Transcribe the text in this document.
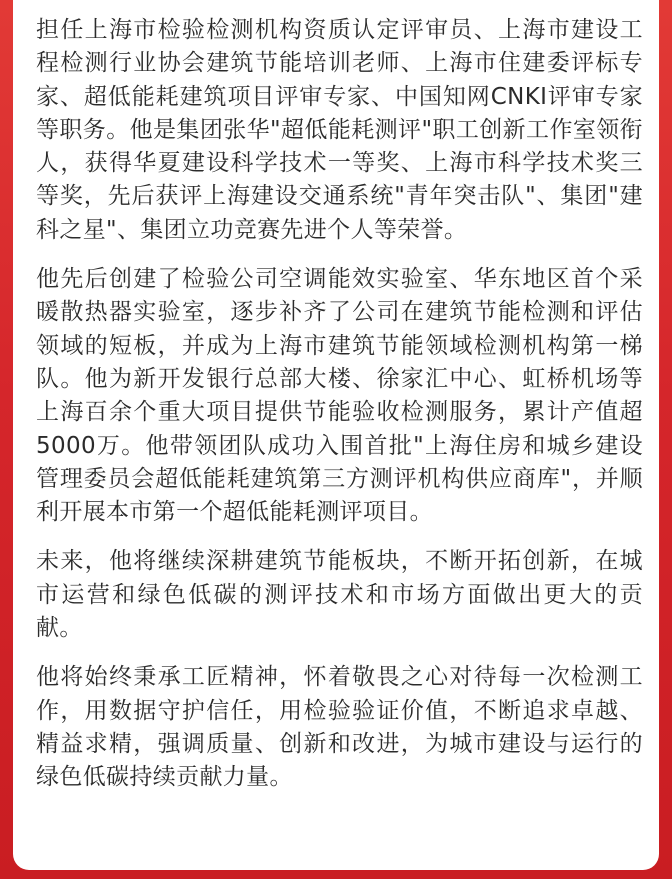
担任上海市检验检测机构资质认定评审员、上海市建设工程检测行业协会建筑节能培训老师、上海市住建委评标专家、超低能耗建筑项目评审专家、中国知网CNKI评审专家等职务。他是集团张华"超低能耗测评"职工创新工作室领衔人，获得华夏建设科学技术一等奖、上海市科学技术奖三等奖，先后获评上海建设交通系统"青年突击队"、集团"建科之星"、集团立功竞赛先进个人等荣誉。

他先后创建了检验公司空调能效实验室、华东地区首个采暖散热器实验室，逐步补齐了公司在建筑节能检测和评估领域的短板，并成为上海市建筑节能领域检测机构第一梯队。他为新开发银行总部大楼、徐家汇中心、虹桥机场等上海百余个重大项目提供节能验收检测服务，累计产值超5000万。他带领团队成功入围首批"上海住房和城乡建设管理委员会超低能耗建筑第三方测评机构供应商库"，并顺利开展本市第一个超低能耗测评项目。

未来，他将继续深耕建筑节能板块，不断开拓创新，在城市运营和绿色低碳的测评技术和市场方面做出更大的贡献。

他将始终秉承工匠精神，怀着敬畏之心对待每一次检测工作，用数据守护信任，用检验验证价值，不断追求卓越、精益求精，强调质量、创新和改进，为城市建设与运行的绿色低碳持续贡献力量。
